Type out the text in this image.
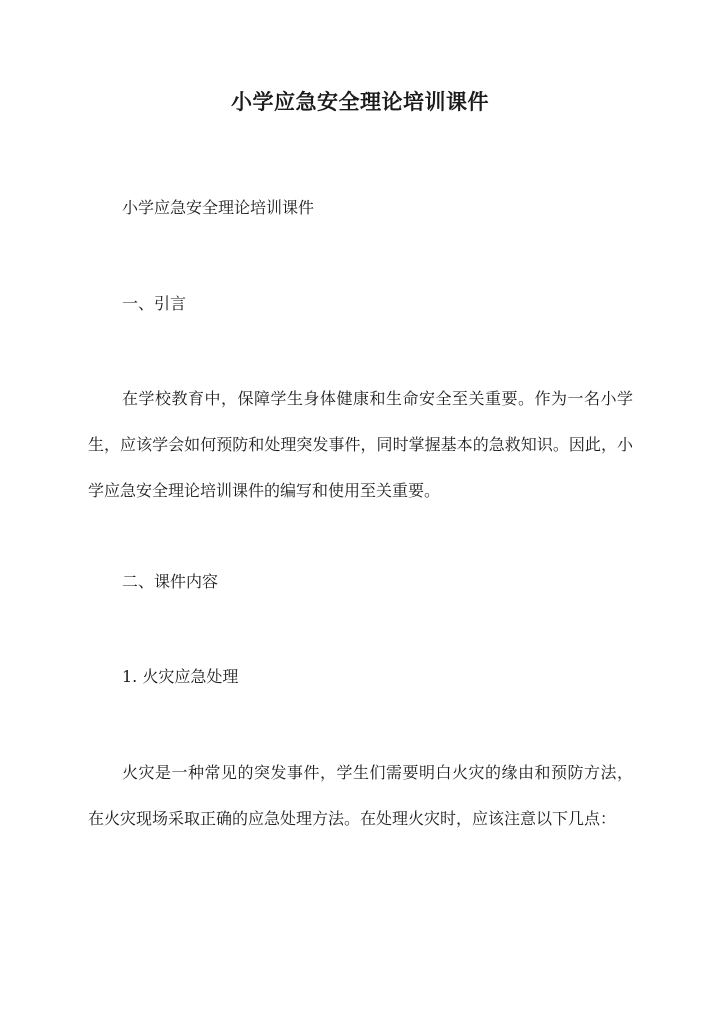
小学应急安全理论培训课件
小学应急安全理论培训课件
一、引言
在学校教育中，保障学生身体健康和生命安全至关重要。作为一名小学生，应该学会如何预防和处理突发事件，同时掌握基本的急救知识。因此，小学应急安全理论培训课件的编写和使用至关重要。
二、课件内容
1. 火灾应急处理
火灾是一种常见的突发事件，学生们需要明白火灾的缘由和预防方法，在火灾现场采取正确的应急处理方法。在处理火灾时，应该注意以下几点：
